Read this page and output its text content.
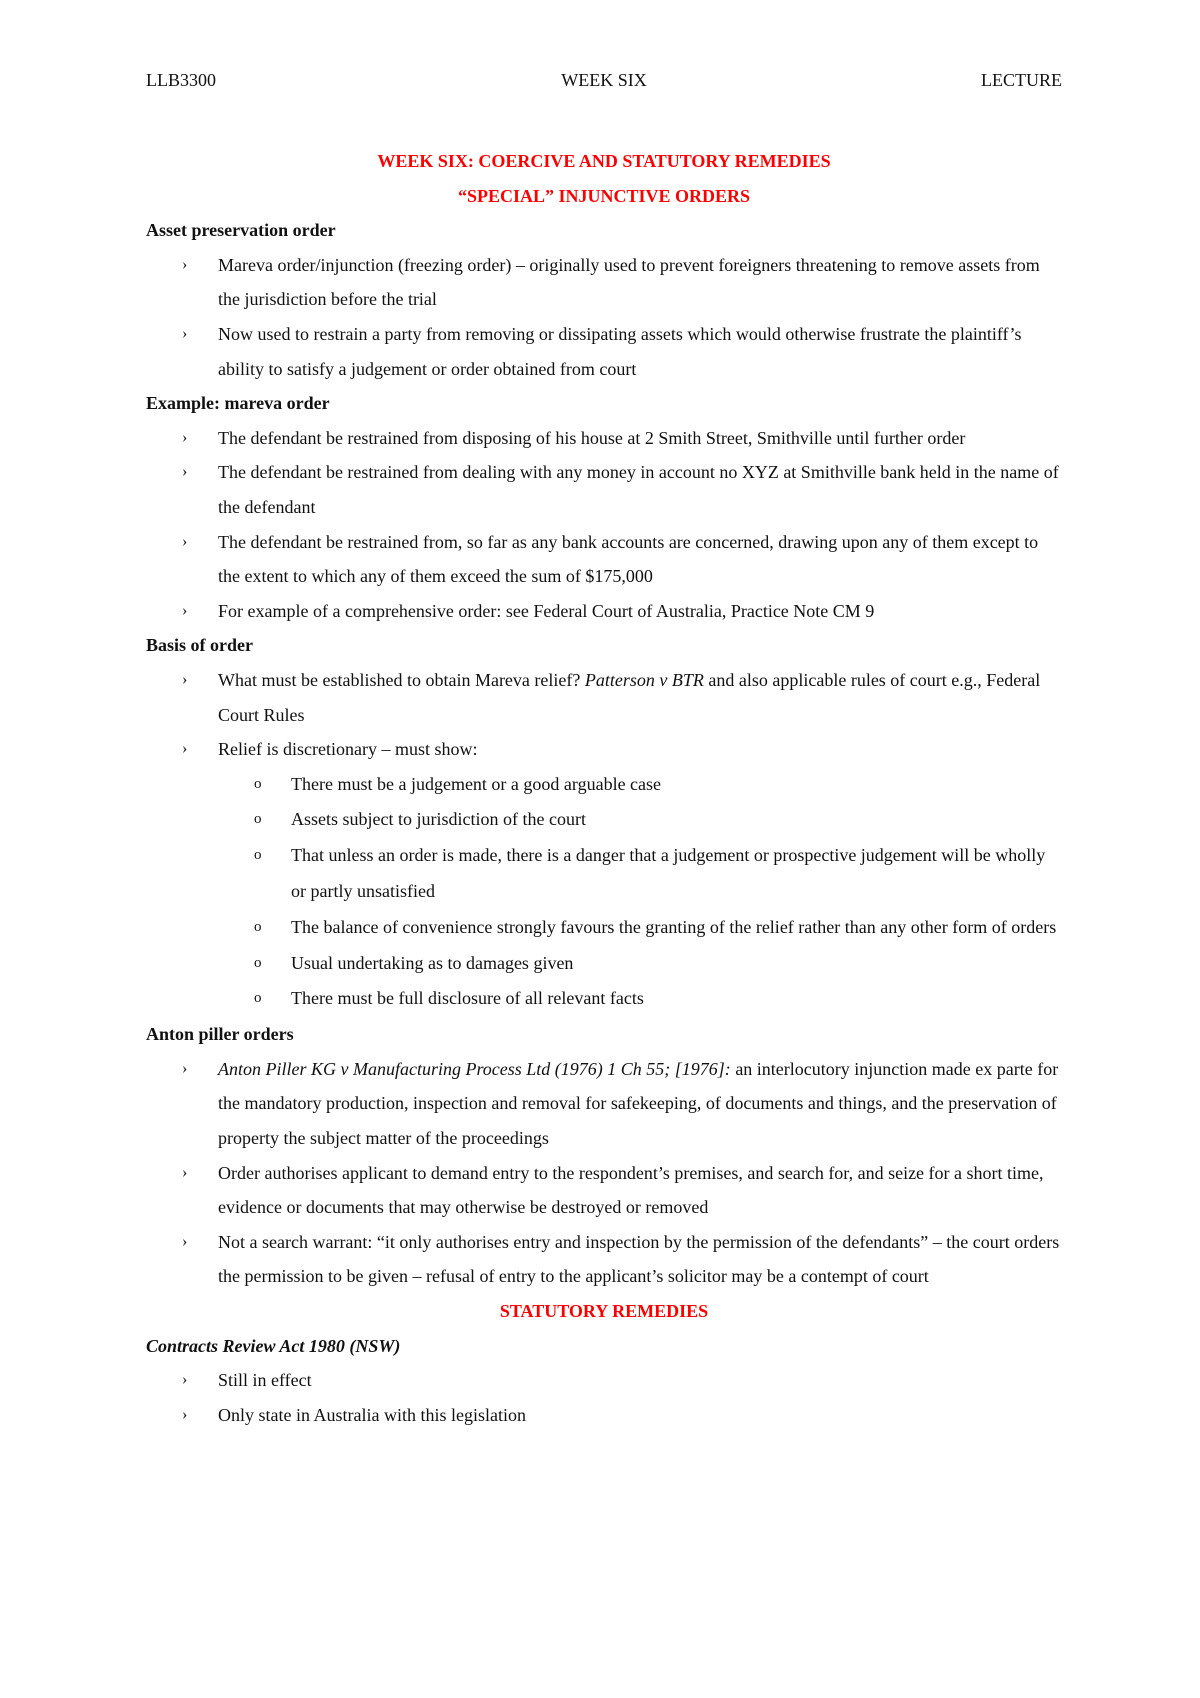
LLB3300	WEEK SIX	LECTURE
WEEK SIX: COERCIVE AND STATUTORY REMEDIES
“SPECIAL” INJUNCTIVE ORDERS
Asset preservation order
› Mareva order/injunction (freezing order) – originally used to prevent foreigners threatening to remove assets from the jurisdiction before the trial
› Now used to restrain a party from removing or dissipating assets which would otherwise frustrate the plaintiff’s ability to satisfy a judgement or order obtained from court
Example: mareva order
› The defendant be restrained from disposing of his house at 2 Smith Street, Smithville until further order
› The defendant be restrained from dealing with any money in account no XYZ at Smithville bank held in the name of the defendant
› The defendant be restrained from, so far as any bank accounts are concerned, drawing upon any of them except to the extent to which any of them exceed the sum of $175,000
› For example of a comprehensive order: see Federal Court of Australia, Practice Note CM 9
Basis of order
› What must be established to obtain Mareva relief? Patterson v BTR and also applicable rules of court e.g., Federal Court Rules
› Relief is discretionary – must show:
o There must be a judgement or a good arguable case
o Assets subject to jurisdiction of the court
o That unless an order is made, there is a danger that a judgement or prospective judgement will be wholly or partly unsatisfied
o The balance of convenience strongly favours the granting of the relief rather than any other form of orders
o Usual undertaking as to damages given
o There must be full disclosure of all relevant facts
Anton piller orders
› Anton Piller KG v Manufacturing Process Ltd (1976) 1 Ch 55; [1976]: an interlocutory injunction made ex parte for the mandatory production, inspection and removal for safekeeping, of documents and things, and the preservation of property the subject matter of the proceedings
› Order authorises applicant to demand entry to the respondent’s premises, and search for, and seize for a short time, evidence or documents that may otherwise be destroyed or removed
› Not a search warrant: “it only authorises entry and inspection by the permission of the defendants” – the court orders the permission to be given – refusal of entry to the applicant’s solicitor may be a contempt of court
STATUTORY REMEDIES
Contracts Review Act 1980 (NSW)
› Still in effect
› Only state in Australia with this legislation
